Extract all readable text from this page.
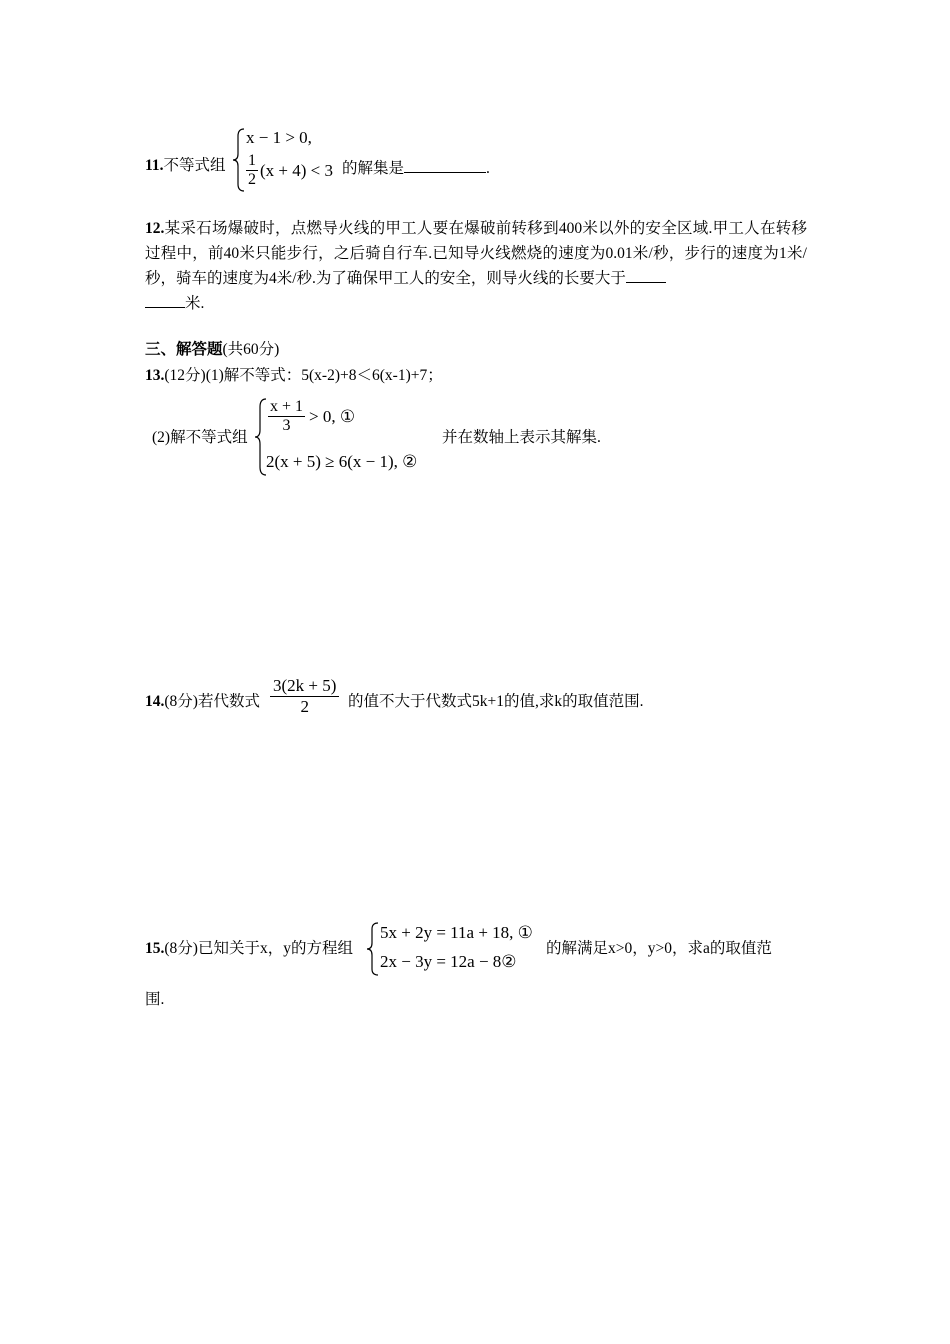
11.不等式组
x − 1 > 0,
$\frac{1}{2} (x + 4) < 3$ 的解集是	.
12.某采石场爆破时，点燃导火线的甲工人要在爆破前转移到400米以外的安全区域.甲工人在转移过程中，前40米只能步行，之后骑自行车.已知导火线燃烧的速度为0.01米/秒，步行的速度为1米/秒，骑车的速度为4米/秒.为了确保甲工人的安全，则导火线的长要大于
米.
三、解答题(共60分)
13.(12分)(1)解不等式：5(x-2)+8＜6(x-1)+7；
(2)解不等式组
$\frac{x + 1}{3} > 0$, ①
2(x + 5) ≥ 6(x − 1), ②
并在数轴上表示其解集.
14.(8分)若代数式 $\frac{3(2k + 5)}{2}$ 的值不大于代数式5k+1的值,求k的取值范围.
15.(8分)已知关于x，y的方程组
5x + 2y = 11a + 18, ①
2x − 3y = 12a − 8②
的解满足x>0，y>0，求a的取值范
围.
